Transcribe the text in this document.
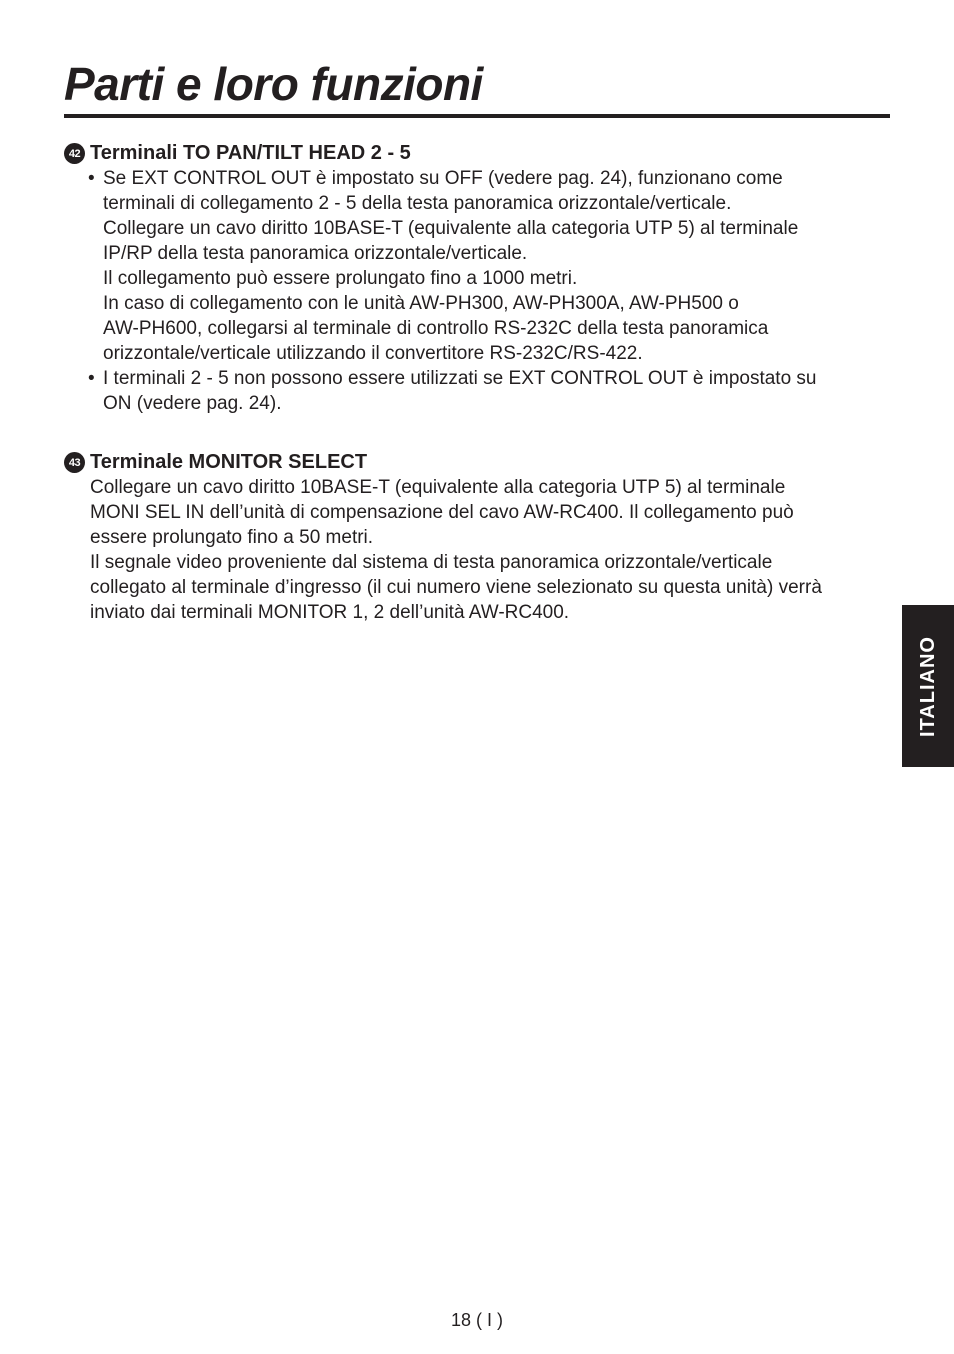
Parti e loro funzioni
42 Terminali TO PAN/TILT HEAD 2 - 5
• Se EXT CONTROL OUT è impostato su OFF (vedere pag. 24), funzionano come
terminali di collegamento 2 - 5 della testa panoramica orizzontale/verticale.
Collegare un cavo diritto 10BASE-T (equivalente alla categoria UTP 5) al terminale
IP/RP della testa panoramica orizzontale/verticale.
Il collegamento può essere prolungato fino a 1000 metri.
In caso di collegamento con le unità AW-PH300, AW-PH300A, AW-PH500 o
AW-PH600, collegarsi al terminale di controllo RS-232C della testa panoramica
orizzontale/verticale utilizzando il convertitore RS-232C/RS-422.
• I terminali 2 - 5 non possono essere utilizzati se EXT CONTROL OUT è impostato su
ON (vedere pag. 24).
43 Terminale MONITOR SELECT
Collegare un cavo diritto 10BASE-T (equivalente alla categoria UTP 5) al terminale
MONI SEL IN dell’unità di compensazione del cavo AW-RC400. Il collegamento può
essere prolungato fino a 50 metri.
Il segnale video proveniente dal sistema di testa panoramica orizzontale/verticale
collegato al terminale d’ingresso (il cui numero viene selezionato su questa unità) verrà
inviato dai terminali MONITOR 1, 2 dell’unità AW-RC400.
ITALIANO
18 ( I )
